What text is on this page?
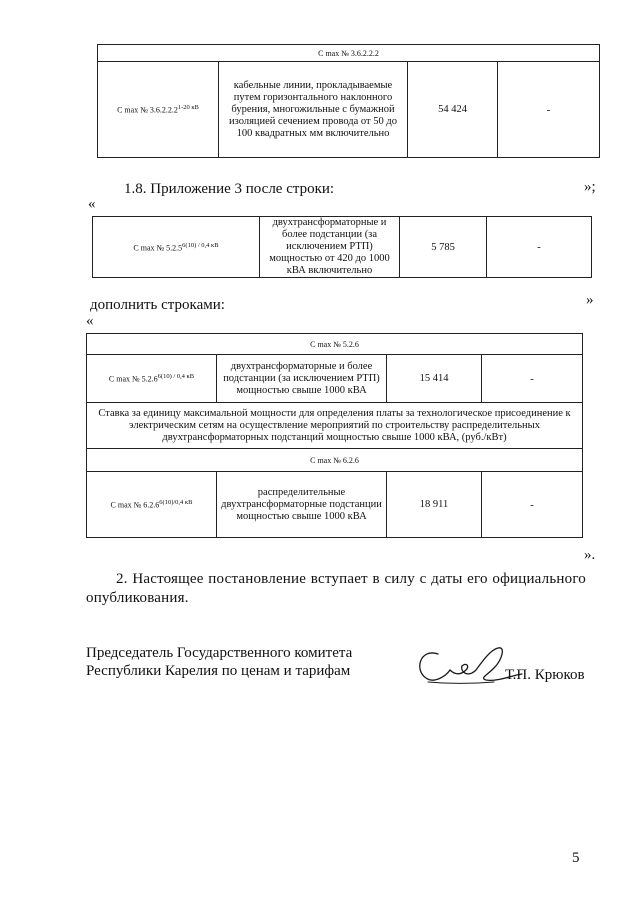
С max № 3.6.2.2.2
С max № $3.6.2.2.2^{1-20 кВ}$	кабельные линии, прокладываемые путем горизонтального наклонного бурения, многожильные с бумажной изоляцией сечением провода от 50 до 100 квадратных мм включительно	54 424	-
1.8. Приложение 3 после строки:	»;
«
С max № $5.2.5^{6(10) / 0,4 кВ}$	двухтрансформаторные и более подстанции (за исключением РТП) мощностью от 420 до 1000 кВА включительно	5 785	-
»
дополнить строками:
«
С max № 5.2.6			
С max № $5.2.6^{6(10) / 0,4 кВ}$	двухтрансформаторные и более подстанции (за исключением РТП) мощностью свыше 1000 кВА	15 414	-
Ставка за единицу максимальной мощности для определения платы за технологическое присоединение к электрическим сетям на осуществление мероприятий по строительству распределительных двухтрансформаторных подстанций мощностью свыше 1000 кВА, (руб./кВт)			
С max № 6.2.6			
С max № $6.2.6^{6(10)/0,4 кВ}$	распределительные двухтрансформаторные подстанции мощностью свыше 1000 кВА	18 911	-
».
2. Настоящее постановление вступает в силу с даты его официального опубликования.
Председатель Государственного комитета
Республики Карелия по ценам и тарифам	Т.П. Крюков
5
